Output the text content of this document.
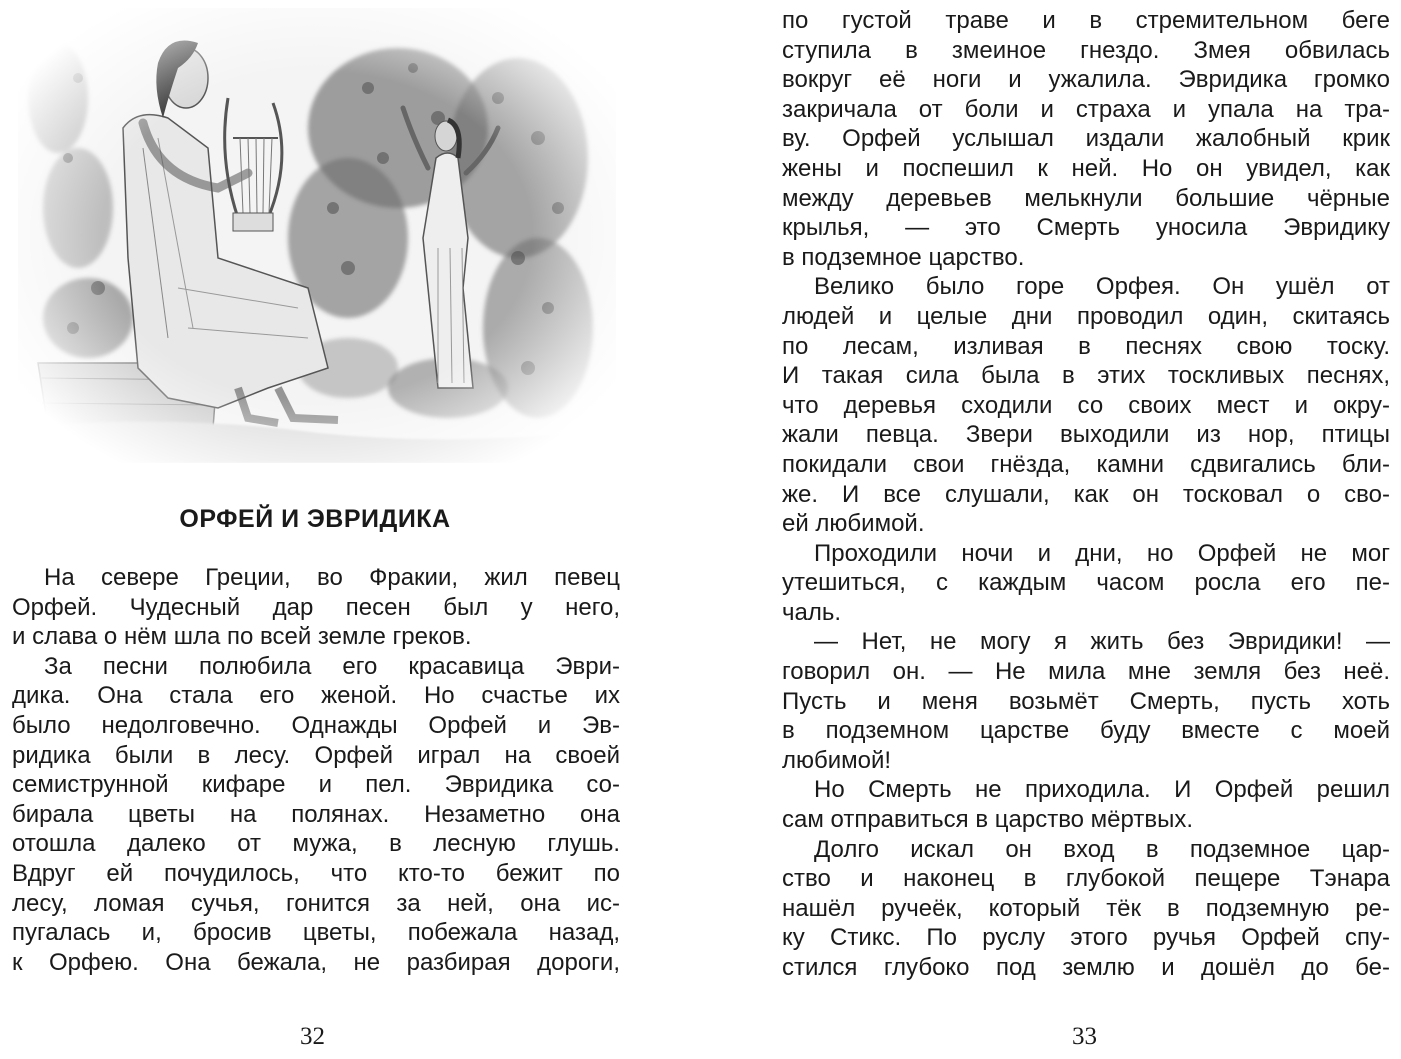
ОРФЕЙ И ЭВРИДИКА
На севере Греции, во Фракии, жил певец
Орфей. Чудесный дар песен был у него,
и слава о нём шла по всей земле греков.
За песни полюбила его красавица Эври-
дика. Она стала его женой. Но счастье их
было недолговечно. Однажды Орфей и Эв-
ридика были в лесу. Орфей играл на своей
семиструнной кифаре и пел. Эвридика со-
бирала цветы на полянах. Незаметно она
отошла далеко от мужа, в лесную глушь.
Вдруг ей почудилось, что кто-то бежит по
лесу, ломая сучья, гонится за ней, она ис-
пугалась и, бросив цветы, побежала назад,
к Орфею. Она бежала, не разбирая дороги,
32
по густой траве и в стремительном беге
ступила в змеиное гнездо. Змея обвилась
вокруг её ноги и ужалила. Эвридика громко
закричала от боли и страха и упала на тра-
ву. Орфей услышал издали жалобный крик
жены и поспешил к ней. Но он увидел, как
между деревьев мелькнули большие чёрные
крылья, — это Смерть уносила Эвридику
в подземное царство.
Велико было горе Орфея. Он ушёл от
людей и целые дни проводил один, скитаясь
по лесам, изливая в песнях свою тоску.
И такая сила была в этих тоскливых песнях,
что деревья сходили со своих мест и окру-
жали певца. Звери выходили из нор, птицы
покидали свои гнёзда, камни сдвигались бли-
же. И все слушали, как он тосковал о сво-
ей любимой.
Проходили ночи и дни, но Орфей не мог
утешиться, с каждым часом росла его пе-
чаль.
— Нет, не могу я жить без Эвридики! —
говорил он. — Не мила мне земля без неё.
Пусть и меня возьмёт Смерть, пусть хоть
в подземном царстве буду вместе с моей
любимой!
Но Смерть не приходила. И Орфей решил
сам отправиться в царство мёртвых.
Долго искал он вход в подземное цар-
ство и наконец в глубокой пещере Тэнара
нашёл ручеёк, который тёк в подземную ре-
ку Стикс. По руслу этого ручья Орфей спу-
стился глубоко под землю и дошёл до бе-
33
